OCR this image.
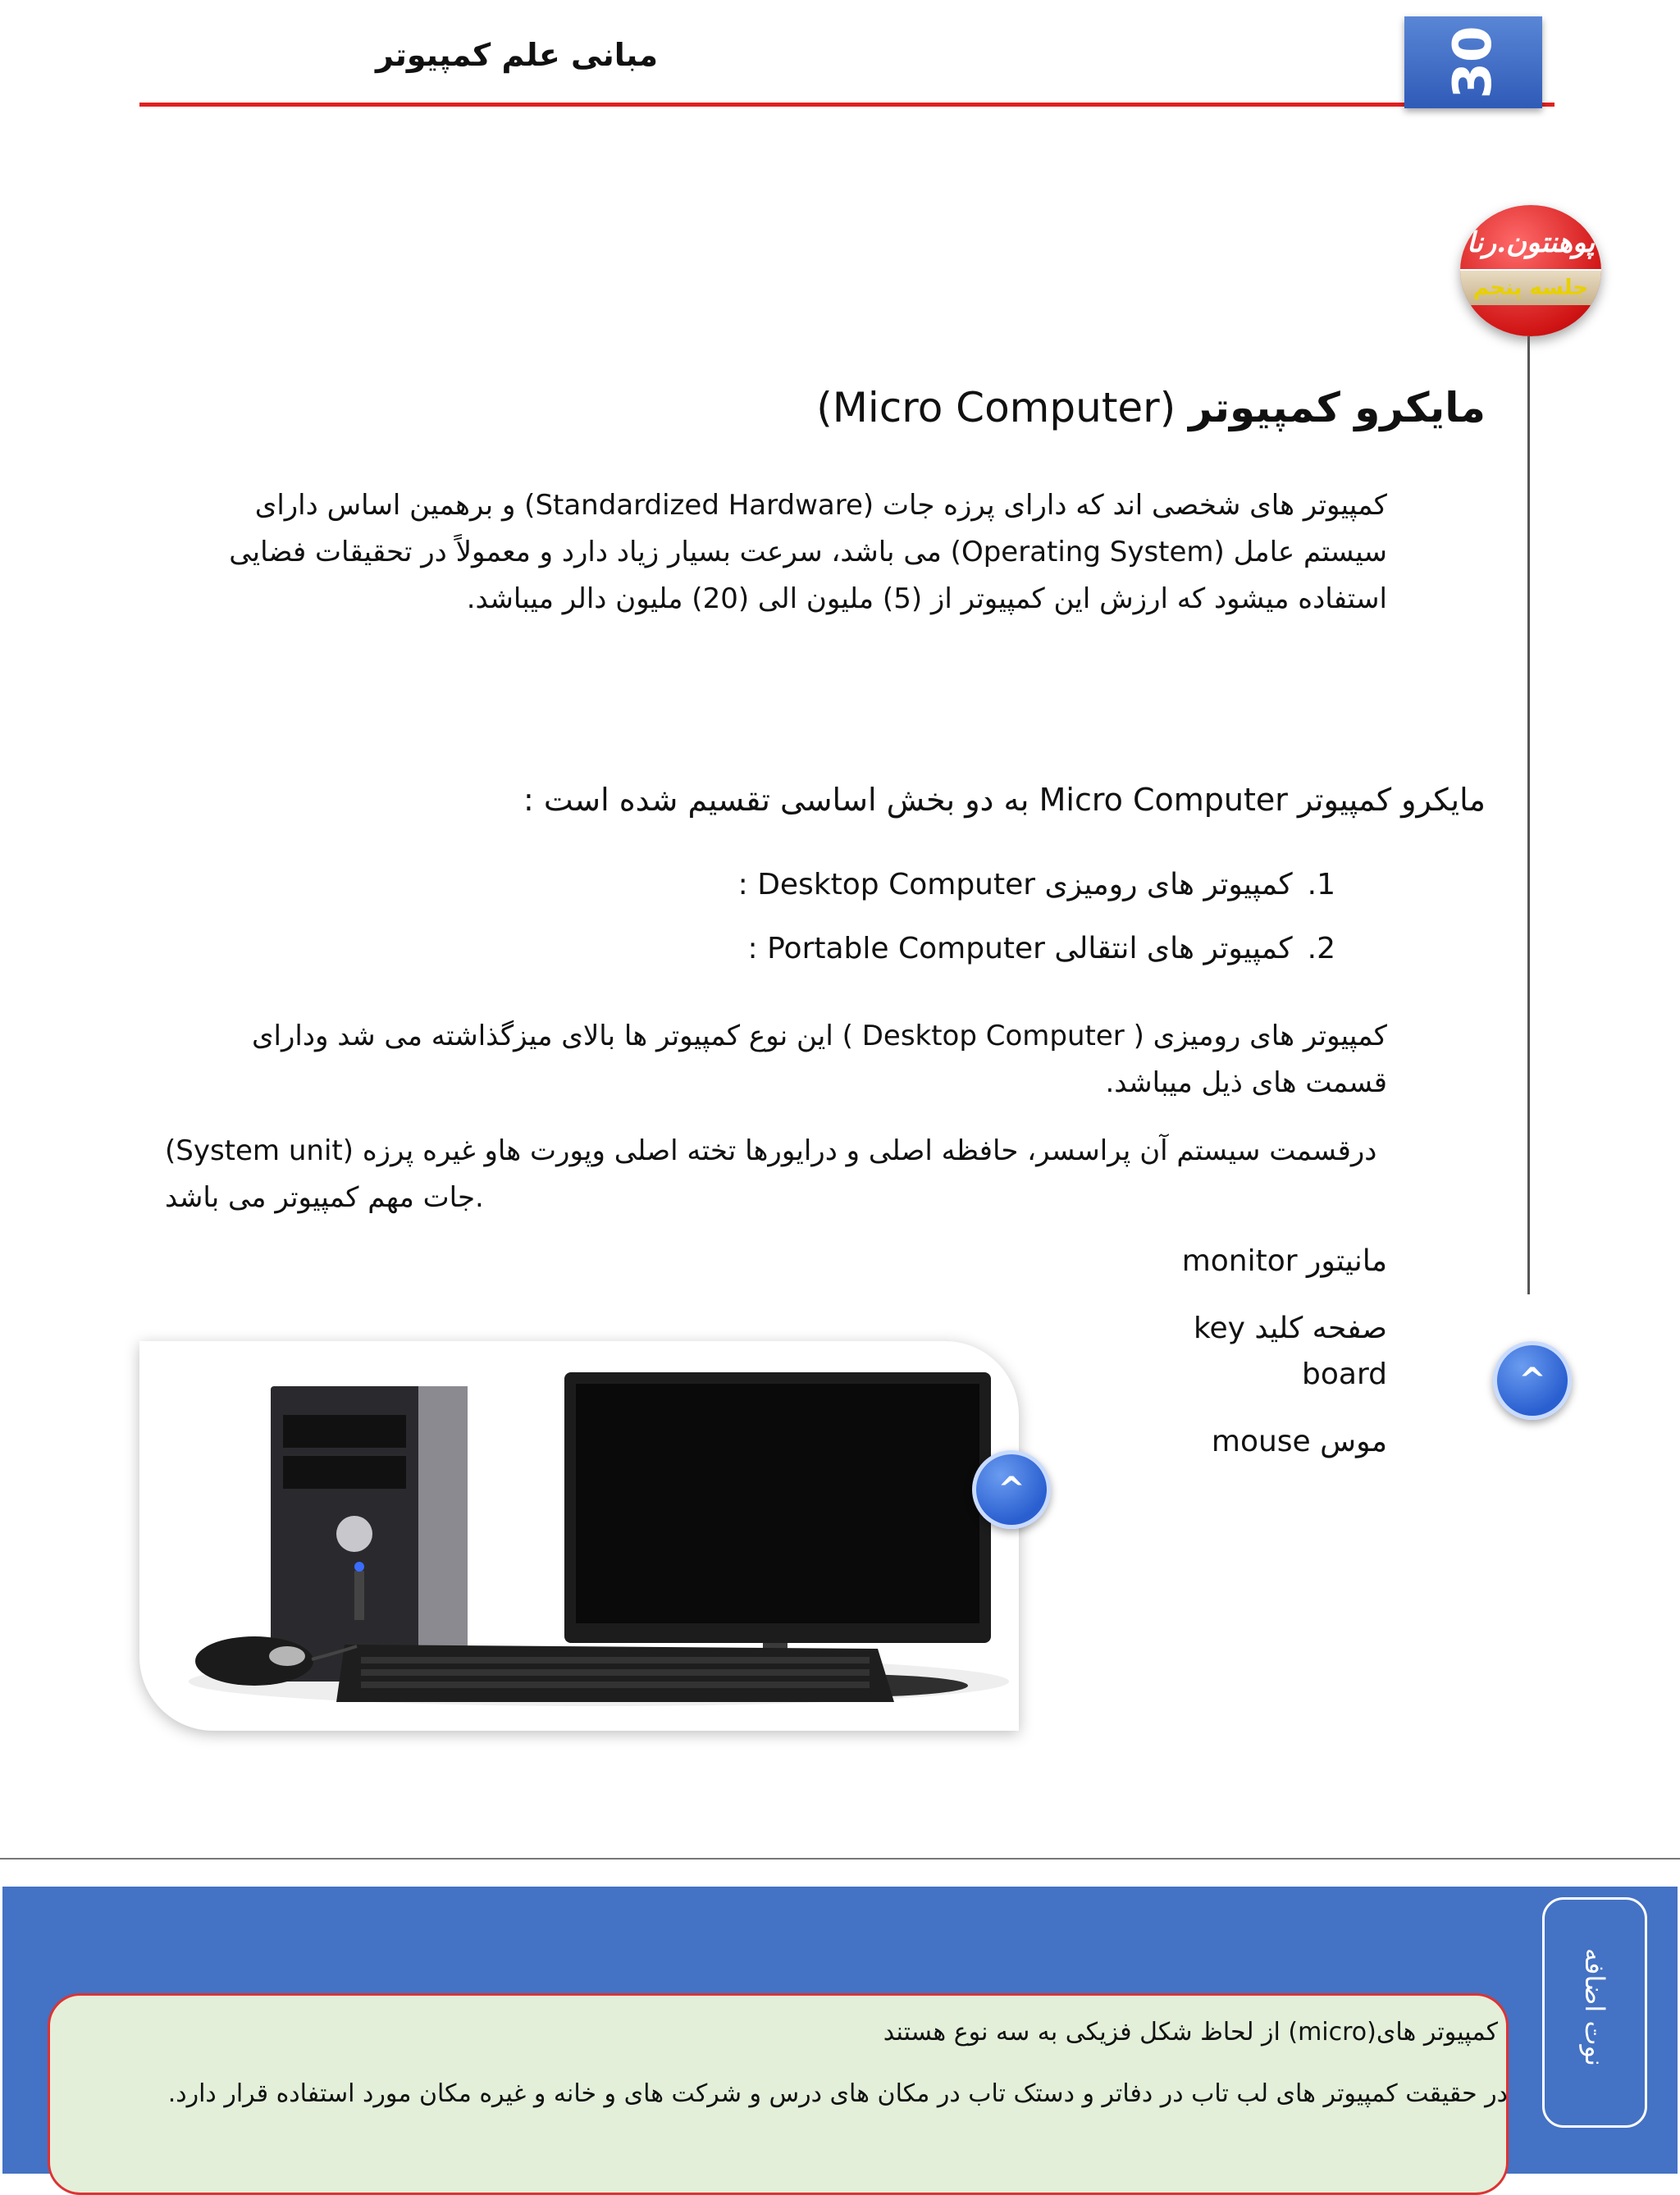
مبانی علم کمپیوتر	30
پوهنتون.رنا
جلسه پنجم
مایکرو کمپیوتر (Micro Computer)
کمپیوتر های شخصی اند که دارای پرزه جات (Standardized Hardware) و برهمین اساس دارای سیستم عامل (Operating System) می باشد، سرعت بسیار زیاد دارد و معمولاً در تحقیقات فضایی استفاده میشود که ارزش این کمپیوتر از (5) ملیون الی (20) ملیون دالر میباشد.
مایکرو کمپیوتر Micro Computer به دو بخش اساسی تقسیم شده است :
1.کمپیوتر های رومیزی Desktop Computer :
2.کمپیوتر های انتقالی Portable Computer :
کمپیوتر های رومیزی ( Desktop Computer ) این نوع کمپیوتر ها بالای میزگذاشته می شد ودارای قسمت های ذیل میباشد.
(System unit) درقسمت سیستم آن پراسسر، حافظه اصلی و درایورها تخته اصلی وپورت هاو غیره پرزه جات مهم کمپیوتر می باشد.
مانیتور monitor
صفحه کلید key board
موس mouse
^
^
نوت اضافه
کمپیوتر های(micro) از لحاظ شکل فزیکی به سه نوع هستند
در حقیقت کمپیوتر های لب تاب در دفاتر و دستک تاب در مکان های درس و شرکت های و خانه و غیره مکان مورد استفاده قرار دارد.
